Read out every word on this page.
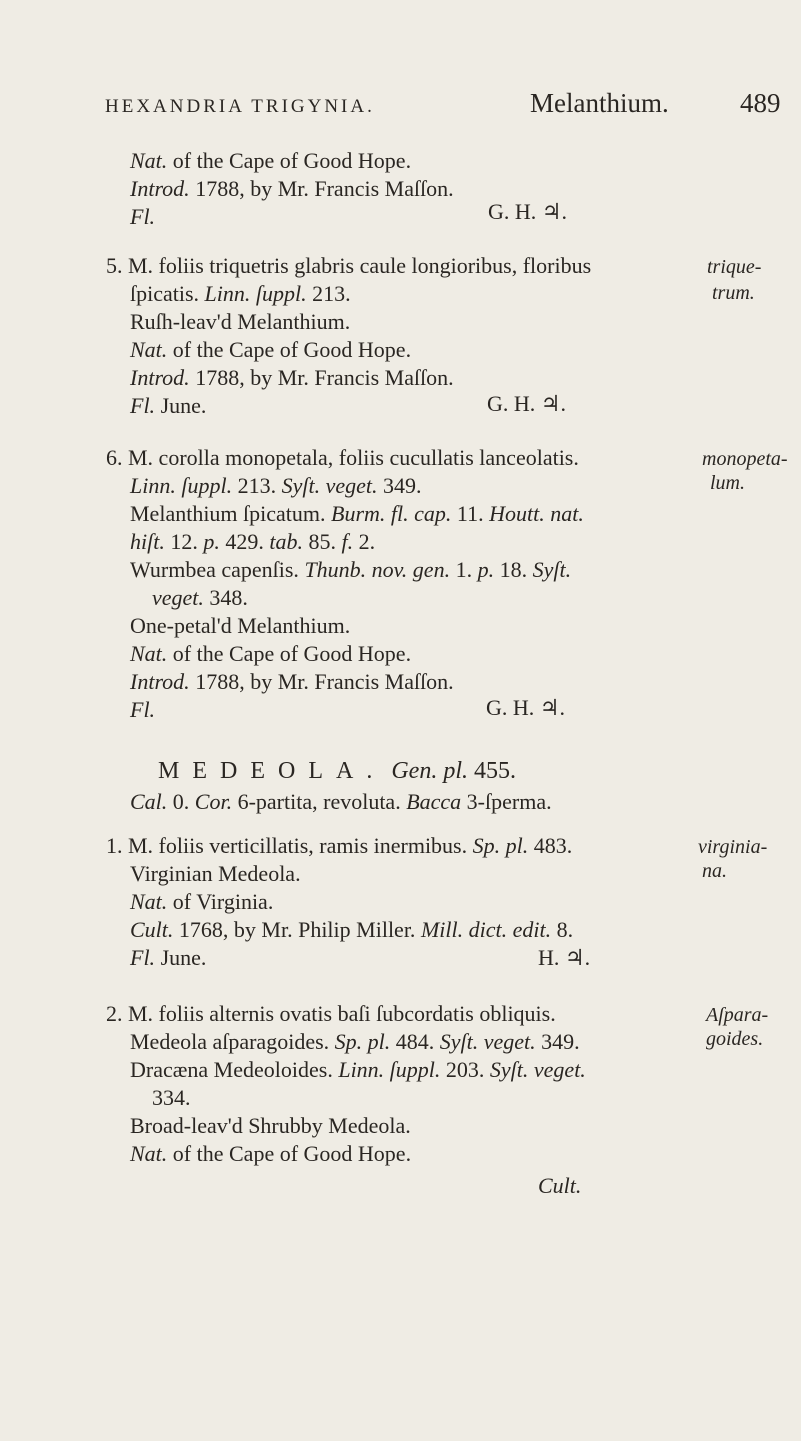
HEXANDRIA TRIGYNIA.	Melanthium.	489
Nat. of the Cape of Good Hope.
Introd. 1788, by Mr. Francis Maſſon.
Fl.	G. H. ♃.
5. M. foliis triquetris glabris caule longioribus, floribus
ſpicatis. Linn. ſuppl. 213.
Ruſh-leav'd Melanthium.
Nat. of the Cape of Good Hope.
Introd. 1788, by Mr. Francis Maſſon.
Fl. June.	G. H. ♃.
trique-
trum.
6. M. corolla monopetala, foliis cucullatis lanceolatis.
Linn. ſuppl. 213. Syſt. veget. 349.
Melanthium ſpicatum. Burm. fl. cap. 11. Houtt. nat.
hiſt. 12. p. 429. tab. 85. f. 2.
Wurmbea capenſis. Thunb. nov. gen. 1. p. 18. Syſt.
veget. 348.
One-petal'd Melanthium.
Nat. of the Cape of Good Hope.
Introd. 1788, by Mr. Francis Maſſon.
Fl.	G. H. ♃.
monopeta-
lum.
MEDEOLA. Gen. pl. 455.
Cal. 0. Cor. 6-partita, revoluta. Bacca 3-ſperma.
1. M. foliis verticillatis, ramis inermibus. Sp. pl. 483.
Virginian Medeola.
Nat. of Virginia.
Cult. 1768, by Mr. Philip Miller. Mill. dict. edit. 8.
Fl. June.	H. ♃.
virginia-
na.
2. M. foliis alternis ovatis baſi ſubcordatis obliquis.
Medeola aſparagoides. Sp. pl. 484. Syſt. veget. 349.
Dracæna Medeoloides. Linn. ſuppl. 203. Syſt. veget.
334.
Broad-leav'd Shrubby Medeola.
Nat. of the Cape of Good Hope.
Cult.
Aſpara-
goides.
